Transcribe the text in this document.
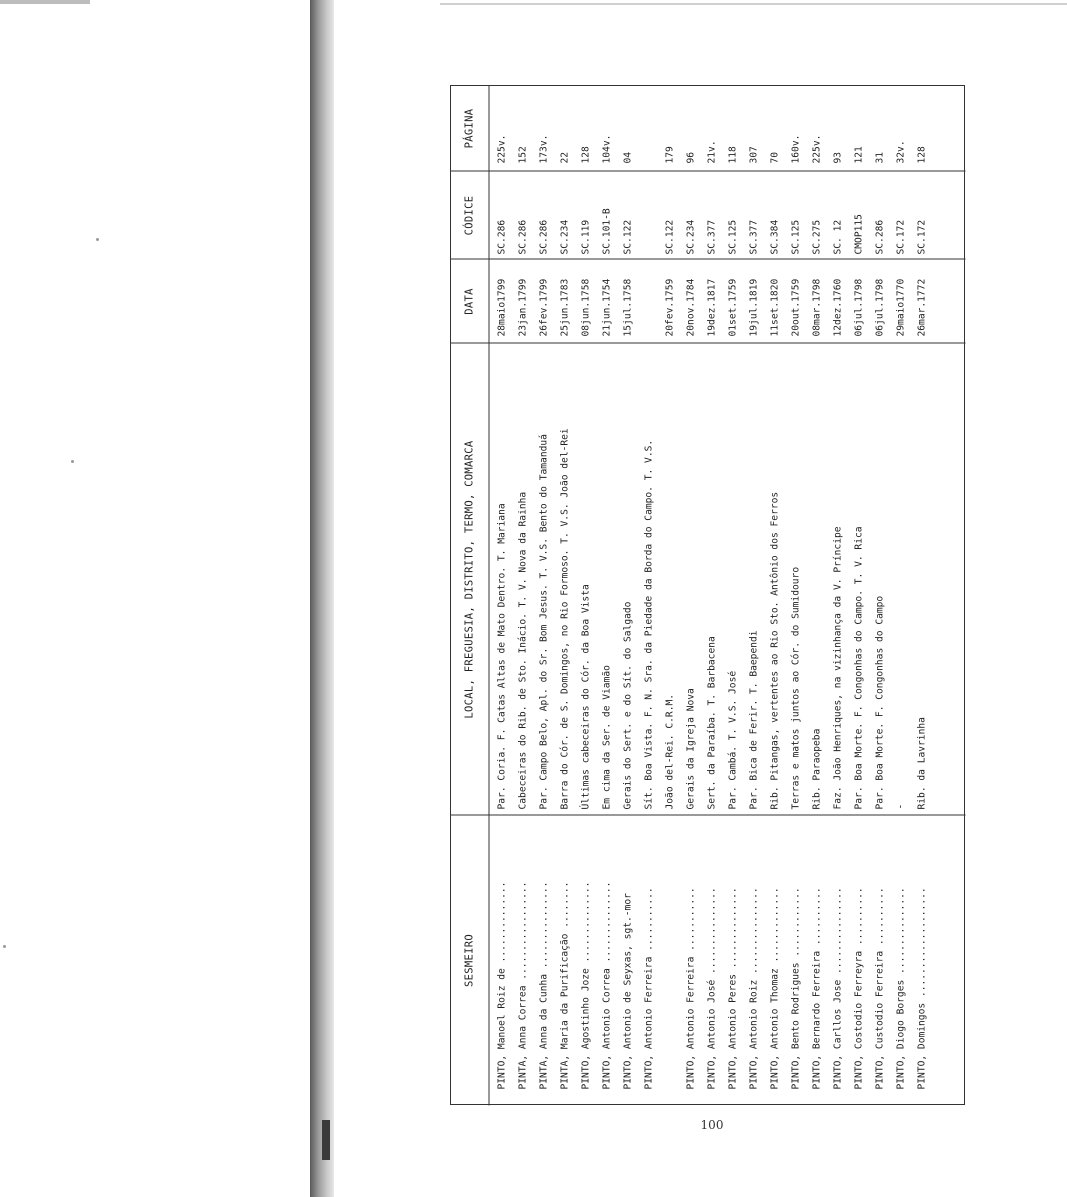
SESMEIRO
LOCAL, FREGUESIA, DISTRITO, TERMO, COMARCA
DATA
CÓDICE
PÁGINA
PINTO, Manoel Roiz de ..............
Par. Coria. F. Catas Altas de Mato Dentro. T. Mariana
28maio1799
SC.286
225v.
PINTA, Anna Correa .................
Cabeceiras do Rib. de Sto. Inácio. T. V. Nova da Rainha
23jan.1799
SC.286
152
PINTA, Anna da Cunha ...............
Par. Campo Belo, Apl. do Sr. Bom Jesus. T. V.S. Bento do Tamanduá
26fev.1799
SC.286
173v.
PINTA, Maria da Purificação ........
Barra do Cór. de S. Domingos, no Rio Formoso. T. V.S. João del-Rei
25jun.1783
SC.234
22
PINTO, Agostinho Joze ..............
Últimas cabeceiras do Cór. da Boa Vista
08jun.1758
SC.119
128
PINTO, Antonio Correa ..............
Em cima da Ser. de Viamão
21jun.1754
SC.101-B
104v.
PINTO, Antonio de Seyxas, sgt.-mor
Gerais do Sert. e do Sít. do Salgado
15jul.1758
SC.122
04
PINTO, Antonio Ferreira ...........
Sít. Boa Vista. F. N. Sra. da Piedade da Borda do Campo. T. V.S.	João del-Rei. C.R.M.
20fev.1759
SC.122
179
PINTO, Antonio Ferreira ...........
Gerais da Igreja Nova
20nov.1784
SC.234
96
PINTO, Antonio José ...............
Sert. da Paraíba. T. Barbacena
19dez.1817
SC.377
21v.
PINTO, Antonio Peres ..............
Par. Cambá. T. V.S. José
01set.1759
SC.125
118
PINTO, Antonio Roiz ...............
Par. Bica de Ferir. T. Baependi
19jul.1819
SC.377
307
PINTO, Antonio Thomaz .............
Rib. Pitangas, vertentes ao Rio Sto. Antônio dos Ferros
11set.1820
SC.384
70
PINTO, Bento Rodrigues ............
Terras e matos juntos ao Cór. do Sumidouro
20out.1759
SC.125
160v.
PINTO, Bernardo Ferreira ..........
Rib. Paraopeba
08mar.1798
SC.275
225v.
PINTO, Carllos Jose ...............
Faz. João Henriques, na vizinhança da V. Príncipe
12dez.1760
SC. 12
93
PINTO, Costodio Ferreyra ..........
Par. Boa Morte. F. Congonhas do Campo. T. V. Rica
06jul.1798
CMOP115
121
PINTO, Custodio Ferreira ..........
Par. Boa Morte. F. Congonhas do Campo
06jul.1798
SC.286
31
PINTO, Diogo Borges ...............
-
29maio1770
SC.172
32v.
PINTO, Domingos ...................
Rib. da Lavrinha
26mar.1772
SC.172
128
100
